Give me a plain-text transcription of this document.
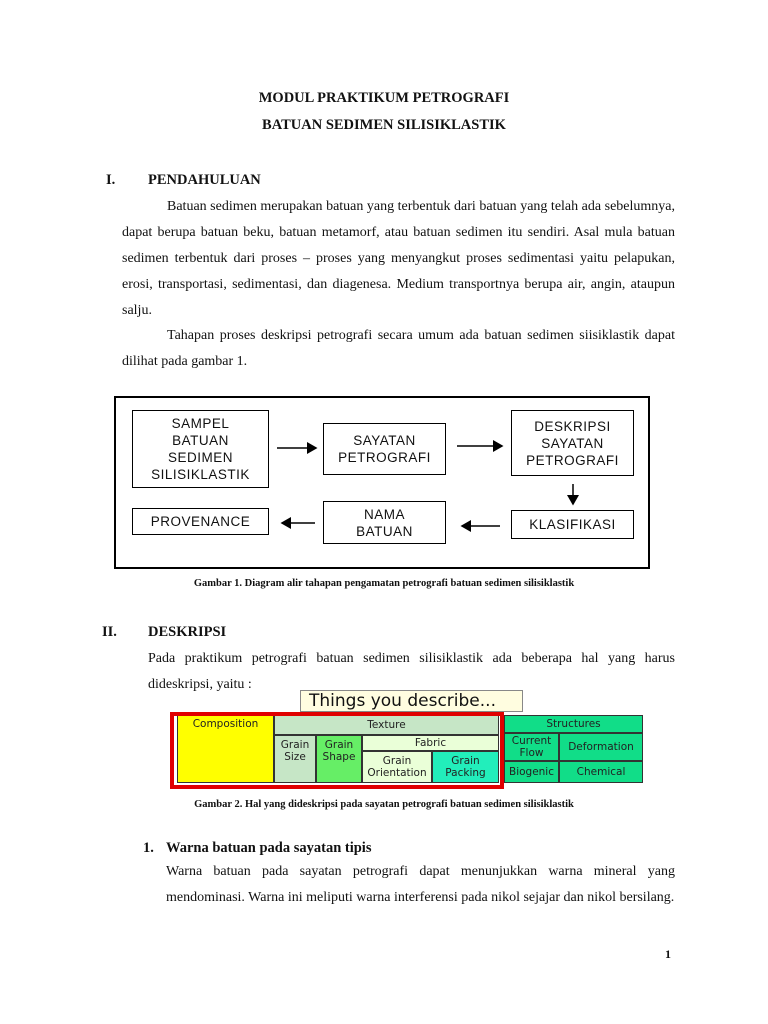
MODUL PRAKTIKUM PETROGRAFI
BATUAN SEDIMEN SILISIKLASTIK
I. PENDAHULUAN

Batuan sedimen merupakan batuan yang terbentuk dari batuan yang telah ada sebelumnya, dapat berupa batuan beku, batuan metamorf, atau batuan sedimen itu sendiri. Asal mula batuan sedimen terbentuk dari proses – proses yang menyangkut proses sedimentasi yaitu pelapukan, erosi, transportasi, sedimentasi, dan diagenesa. Medium transportnya berupa air, angin, ataupun salju.

Tahapan proses deskripsi petrografi secara umum ada batuan sedimen siisiklastik dapat dilihat pada gambar 1.

SAMPEL
BATUAN
SEDIMEN
SILISIKLASTIK
SAYATAN
PETROGRAFI
DESKRIPSI
SAYATAN
PETROGRAFI
PROVENANCE	NAMA
BATUAN	KLASIFIKASI
Gambar 1. Diagram alir tahapan pengamatan petrografi batuan sedimen silisiklastik
II. DESKRIPSI

Pada praktikum petrografi batuan sedimen silisiklastik ada beberapa hal yang harus dideskripsi, yaitu :

Things you describe...
Composition	Texture
Grain
Size
Grain
Shape
Fabric
Grain
Orientation
Grain
Packing
Structures
Current
Flow	Deformation
Biogenic	Chemical
Gambar 2. Hal yang dideskripsi pada sayatan petrografi batuan sedimen silisiklastik
1. Warna batuan pada sayatan tipis

Warna batuan pada sayatan petrografi dapat menunjukkan warna mineral yang mendominasi. Warna ini meliputi warna interferensi pada nikol sejajar dan nikol bersilang.

1
